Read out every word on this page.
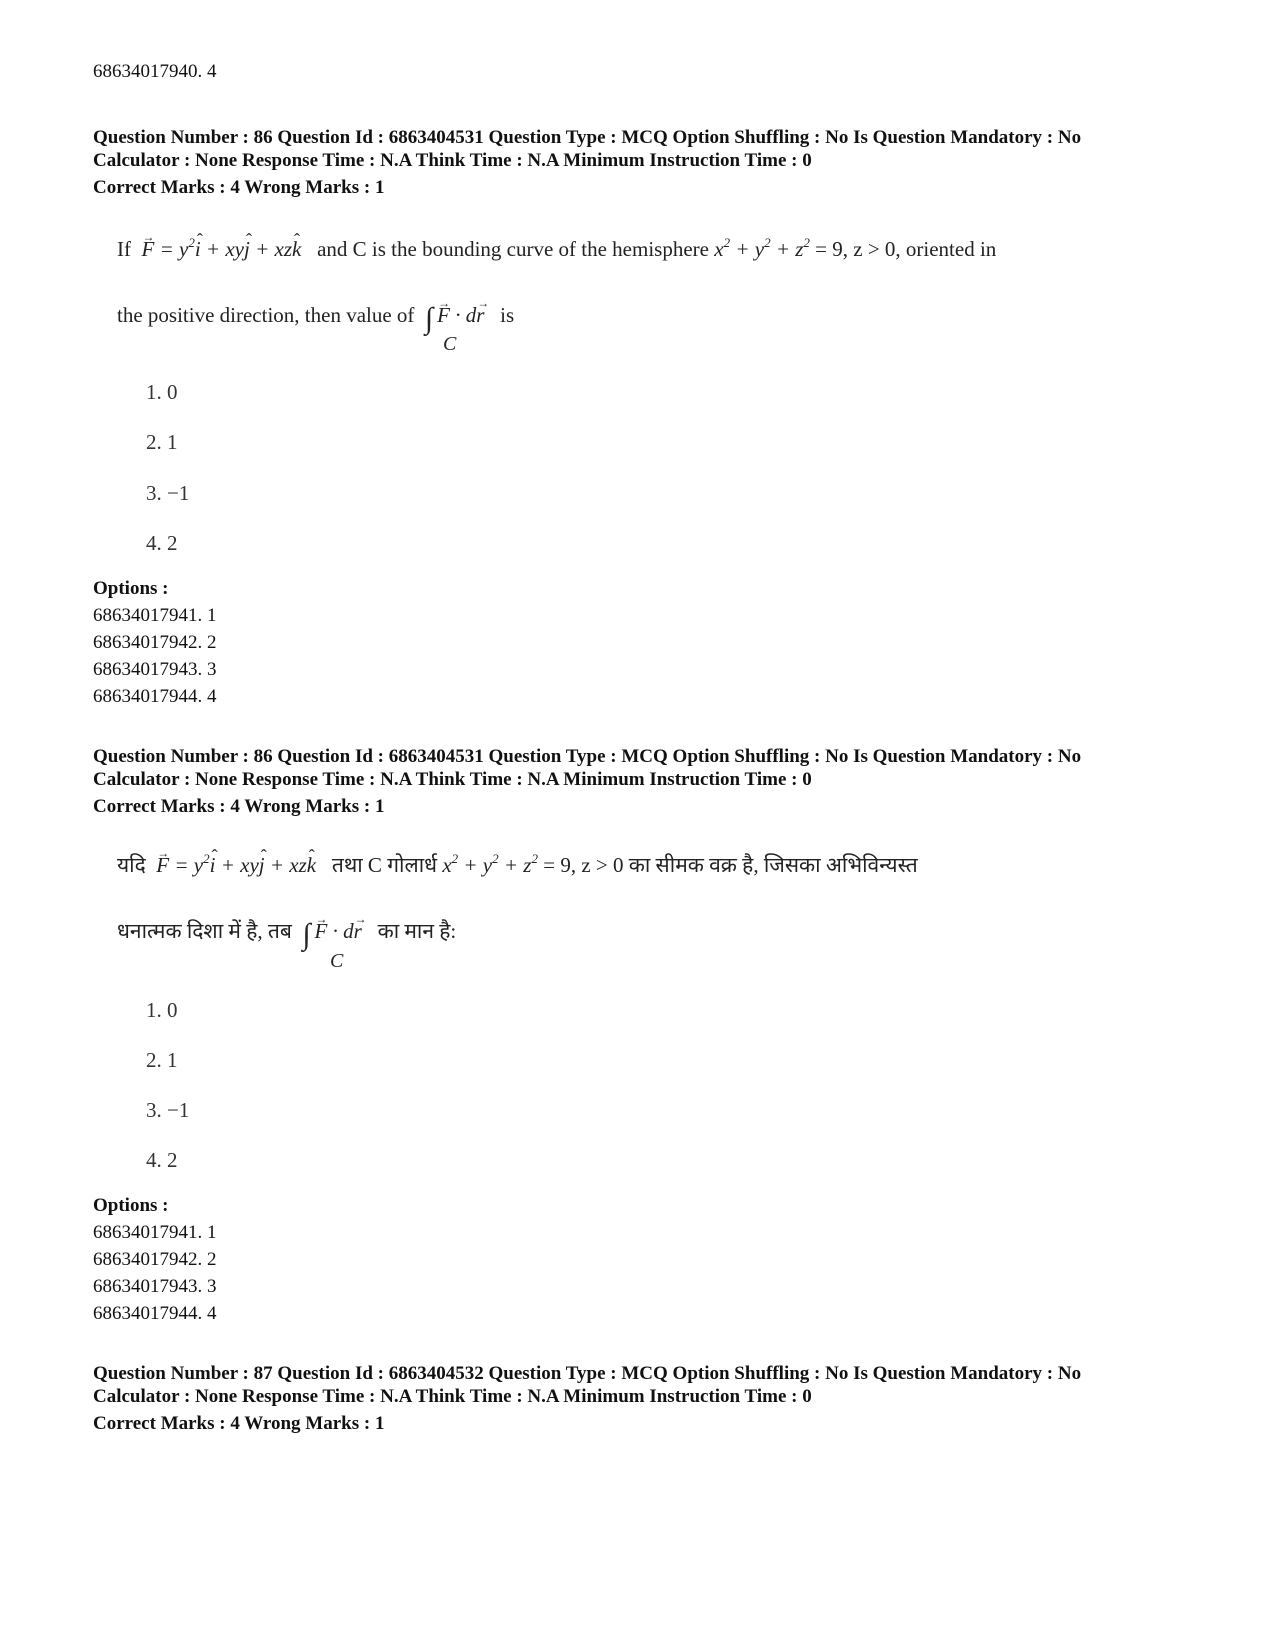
68634017940. 4
Question Number : 86 Question Id : 6863404531 Question Type : MCQ Option Shuffling : No Is Question Mandatory : No
Calculator : None Response Time : N.A Think Time : N.A Minimum Instruction Time : 0
Correct Marks : 4 Wrong Marks : 1
$If \to F = y^2ˆ$ i + xyˆ j + xzˆ k and C is the bounding curve of the hemisphere $x^2 + y^2 + z^2 = 9$, z > 0, oriented in
the positive direction, then value of ∫ → F · d→ r is
C
1. 0
2. 1
3. −1
4. 2
Options :
68634017941. 1
68634017942. 2
68634017943. 3
68634017944. 4
Question Number : 86 Question Id : 6863404531 Question Type : MCQ Option Shuffling : No Is Question Mandatory : No
Calculator : None Response Time : N.A Think Time : N.A Minimum Instruction Time : 0
Correct Marks : 4 Wrong Marks : 1
यदि → $F = y^2ˆ$ i + xyˆ j + xzˆ k तथा C गोलार्ध $x^2 + y^2 + z^2 = 9$, z > 0 का सीमक वक्र है, जिसका अभिविन्यस्त
धनात्मक दिशा में है, तब ∫ → F · d→ r का मान है:
C
1. 0
2. 1
3. −1
4. 2
Options :
68634017941. 1
68634017942. 2
68634017943. 3
68634017944. 4
Question Number : 87 Question Id : 6863404532 Question Type : MCQ Option Shuffling : No Is Question Mandatory : No
Calculator : None Response Time : N.A Think Time : N.A Minimum Instruction Time : 0
Correct Marks : 4 Wrong Marks : 1
